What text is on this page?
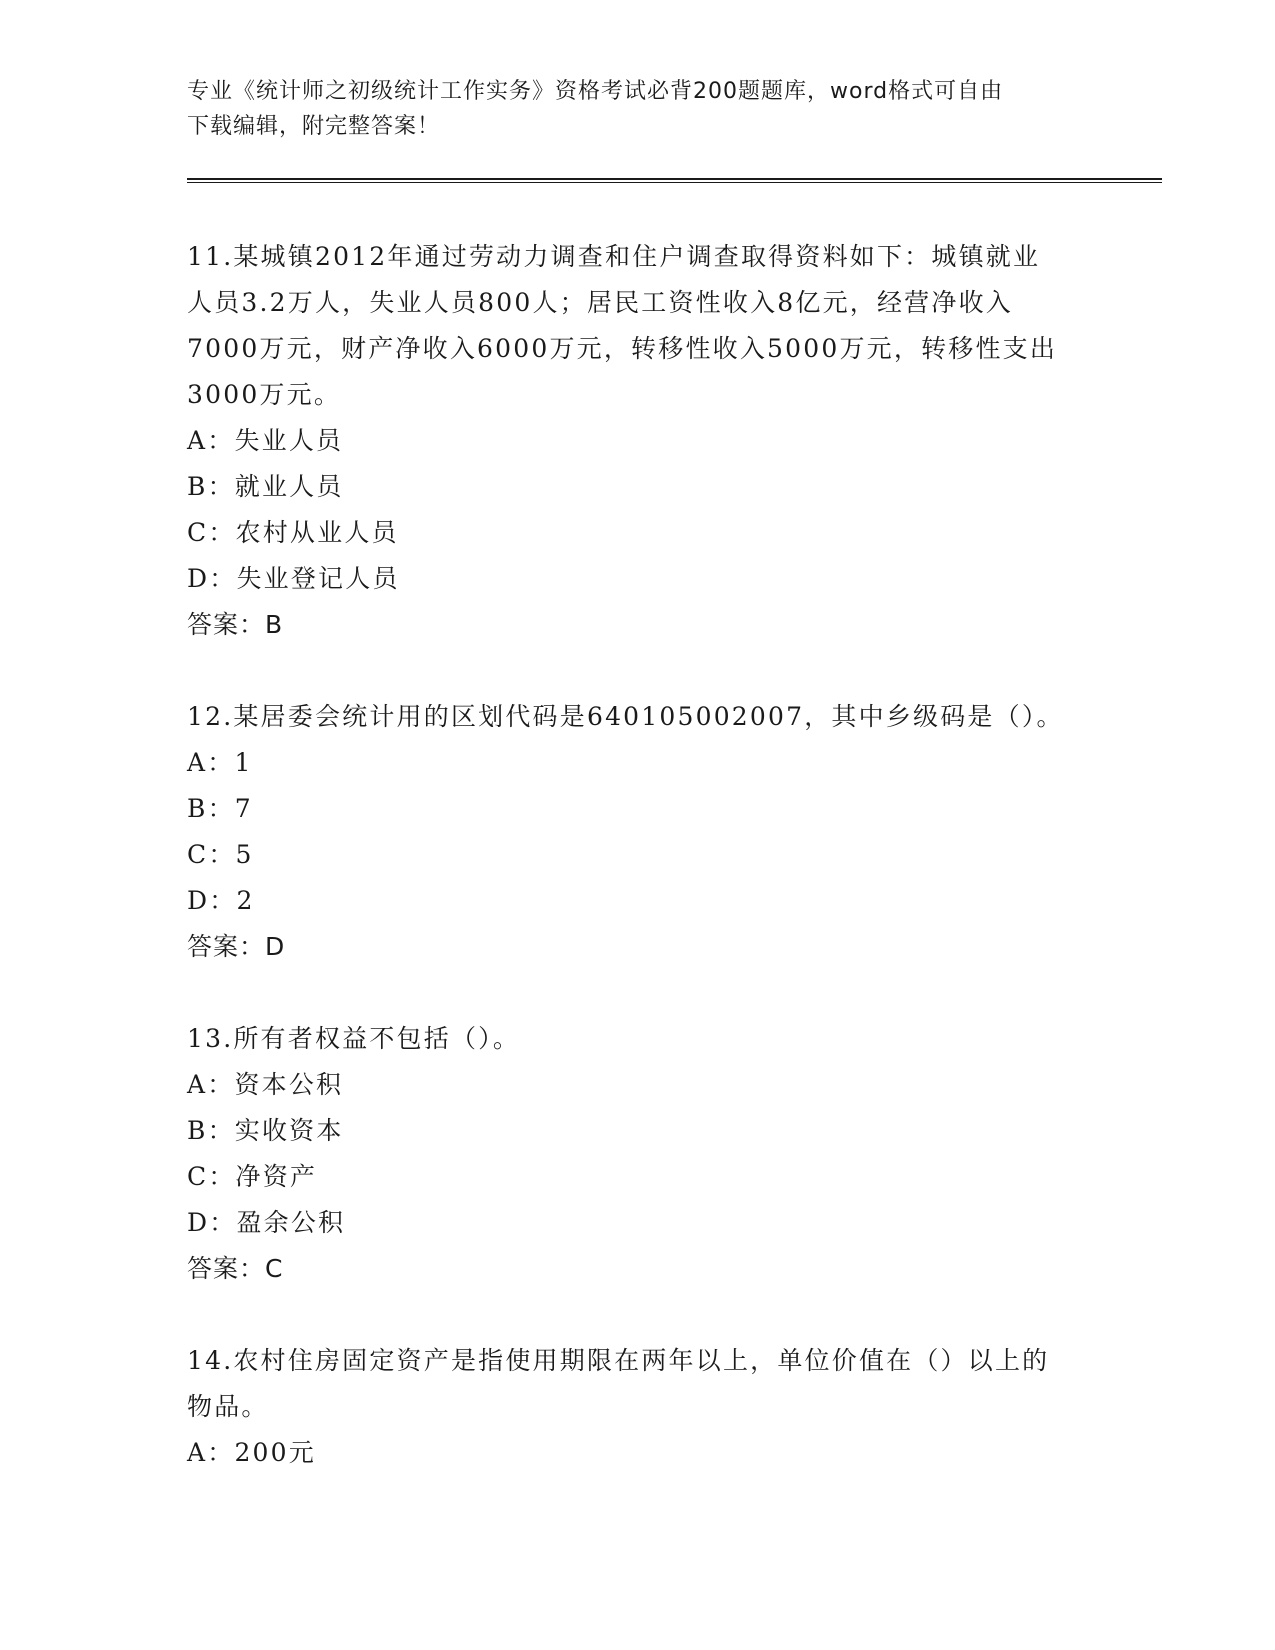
专业《统计师之初级统计工作实务》资格考试必背200题题库，word格式可自由
下载编辑，附完整答案！

11.某城镇2012年通过劳动力调查和住户调查取得资料如下：城镇就业人员3.2万人，失业人员800人；居民工资性收入8亿元，经营净收入7000万元，财产净收入6000万元，转移性收入5000万元，转移性支出3000万元。

A：失业人员

B：就业人员

C：农村从业人员

D：失业登记人员

答案：B

12.某居委会统计用的区划代码是640105002007，其中乡级码是（）。

A：1

B：7

C：5

D：2

答案：D

13.所有者权益不包括（）。

A：资本公积

B：实收资本

C：净资产

D：盈余公积

答案：C

14.农村住房固定资产是指使用期限在两年以上，单位价值在（）以上的物品。

A：200元
